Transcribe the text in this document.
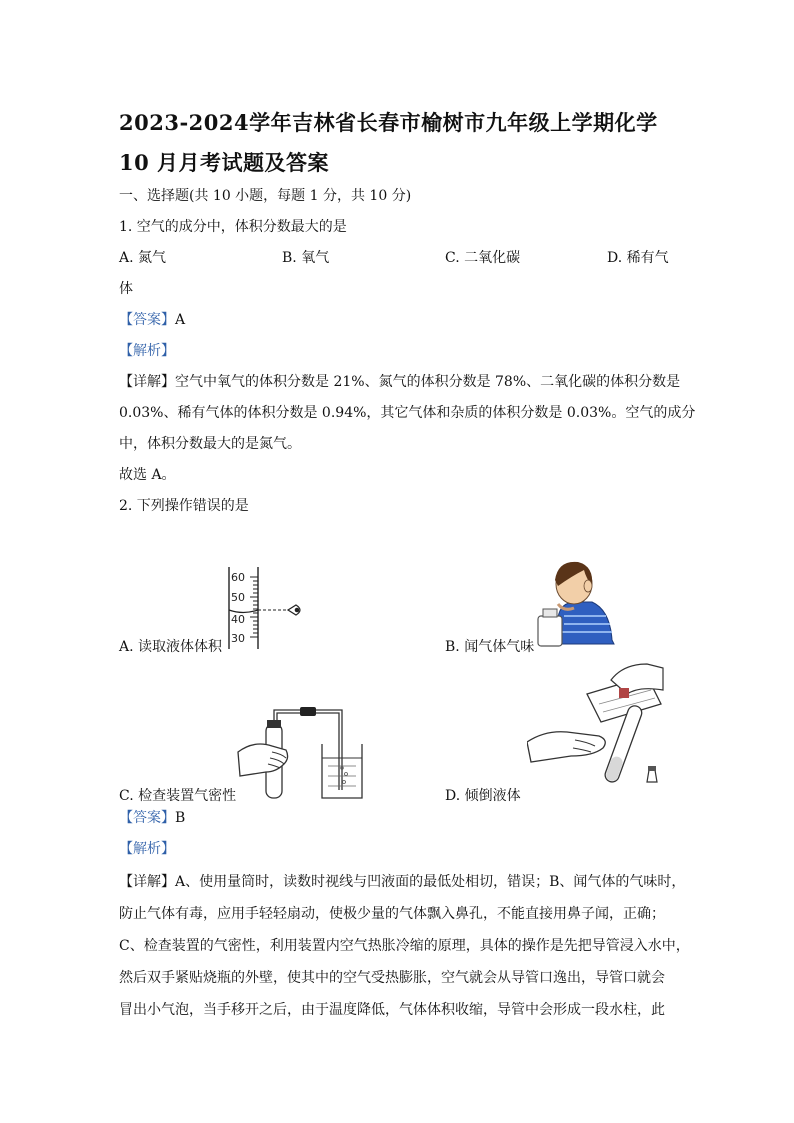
2023-2024学年吉林省长春市榆树市九年级上学期化学 10 月月考试题及答案
一、选择题(共 10 小题，每题 1 分，共 10 分)
1. 空气的成分中，体积分数最大的是
A. 氮气	B. 氧气	C. 二氧化碳	D. 稀有气
体
【答案】A
【解析】
【详解】空气中氧气的体积分数是 21%、氮气的体积分数是 78%、二氧化碳的体积分数是
0.03%、稀有气体的体积分数是 0.94%，其它气体和杂质的体积分数是 0.03%。空气的成分
中，体积分数最大的是氮气。
故选 A。
2. 下列操作错误的是
60
50
40
30
A. 读取液体体积	B. 闻气体气味
C. 检查装置气密性	D. 倾倒液体
【答案】B
【解析】
【详解】A、使用量筒时，读数时视线与凹液面的最低处相切，错误；B、闻气体的气味时，
防止气体有毒，应用手轻轻扇动，使极少量的气体飘入鼻孔，不能直接用鼻子闻，正确；
C、检查装置的气密性，利用装置内空气热胀冷缩的原理，具体的操作是先把导管浸入水中，
然后双手紧贴烧瓶的外壁，使其中的空气受热膨胀，空气就会从导管口逸出，导管口就会
冒出小气泡，当手移开之后，由于温度降低，气体体积收缩，导管中会形成一段水柱，此
